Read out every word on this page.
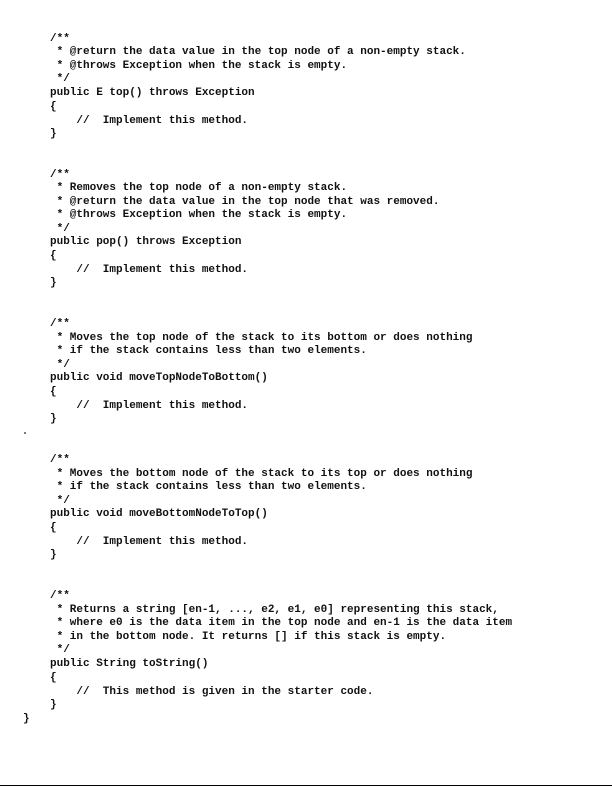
/**
* @return the data value in the top node of a non-empty stack.
* @throws Exception when the stack is empty.
*/
public E top() throws Exception
{
//  Implement this method.
}
/**
* Removes the top node of a non-empty stack.
* @return the data value in the top node that was removed.
* @throws Exception when the stack is empty.
*/
public pop() throws Exception
{
//  Implement this method.
}
/**
* Moves the top node of the stack to its bottom or does nothing
* if the stack contains less than two elements.
*/
public void moveTopNodeToBottom()
{
//  Implement this method.
}
/**
* Moves the bottom node of the stack to its top or does nothing
* if the stack contains less than two elements.
*/
public void moveBottomNodeToTop()
{
//  Implement this method.
}
/**
* Returns a string [en-1, ..., e2, e1, e0] representing this stack,
* where e0 is the data item in the top node and en-1 is the data item
* in the bottom node. It returns [] if this stack is empty.
*/
public String toString()
{
//  This method is given in the starter code.
}
}
